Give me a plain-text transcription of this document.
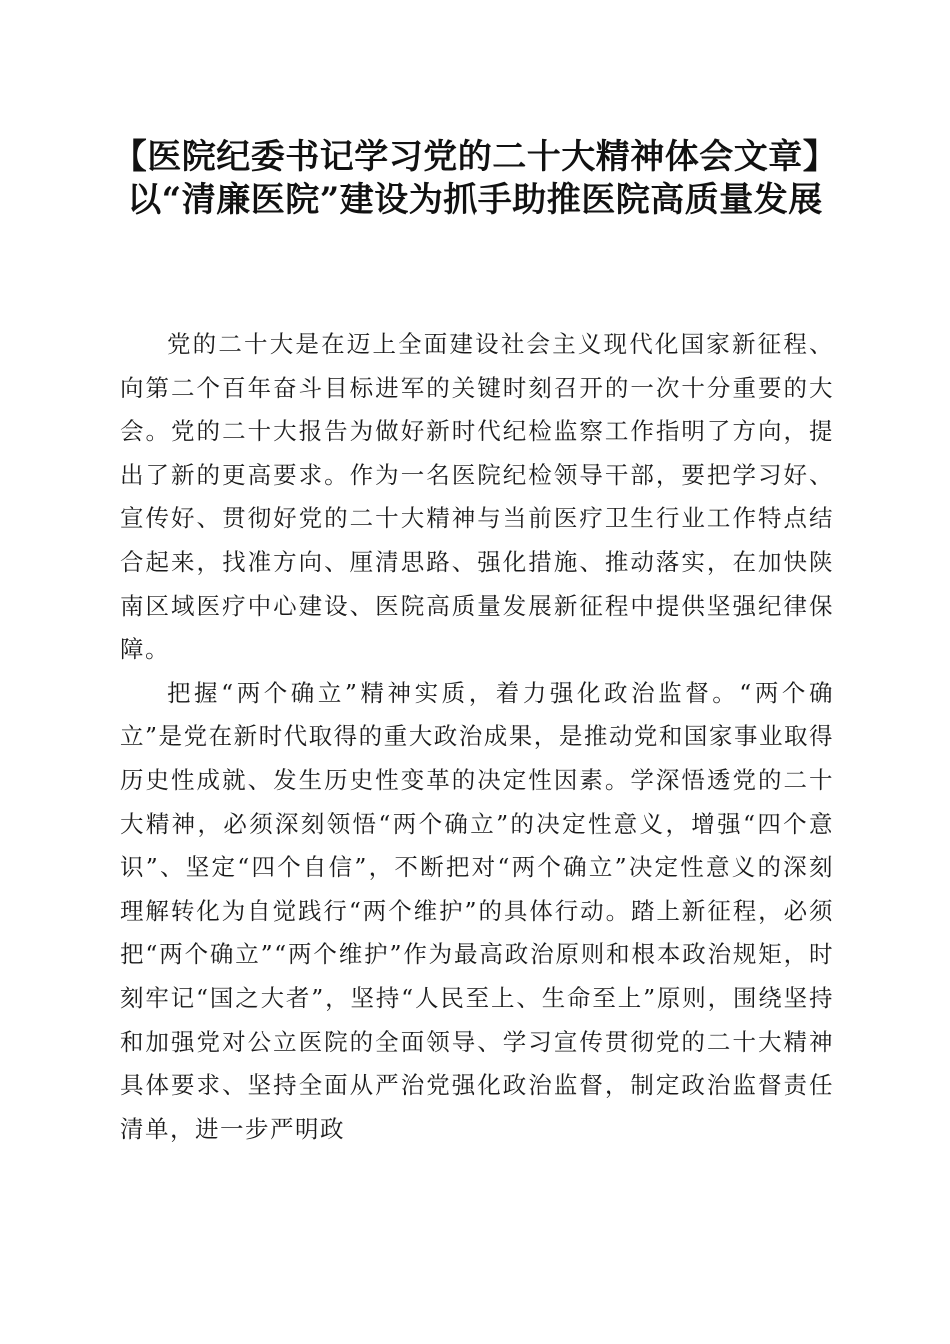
【医院纪委书记学习党的二十大精神体会文章】以“清廉医院”建设为抓手助推医院高质量发展

党的二十大是在迈上全面建设社会主义现代化国家新征程、向第二个百年奋斗目标进军的关键时刻召开的一次十分重要的大会。党的二十大报告为做好新时代纪检监察工作指明了方向，提出了新的更高要求。作为一名医院纪检领导干部，要把学习好、宣传好、贯彻好党的二十大精神与当前医疗卫生行业工作特点结合起来，找准方向、厘清思路、强化措施、推动落实，在加快陕南区域医疗中心建设、医院高质量发展新征程中提供坚强纪律保障。

把握“两个确立”精神实质，着力强化政治监督。“两个确立”是党在新时代取得的重大政治成果，是推动党和国家事业取得历史性成就、发生历史性变革的决定性因素。学深悟透党的二十大精神，必须深刻领悟“两个确立”的决定性意义，增强“四个意识”、坚定“四个自信”，不断把对“两个确立”决定性意义的深刻理解转化为自觉践行“两个维护”的具体行动。踏上新征程，必须把“两个确立”“两个维护”作为最高政治原则和根本政治规矩，时刻牢记“国之大者”，坚持“人民至上、生命至上”原则，围绕坚持和加强党对公立医院的全面领导、学习宣传贯彻党的二十大精神具体要求、坚持全面从严治党强化政治监督，制定政治监督责任清单，进一步严明政
